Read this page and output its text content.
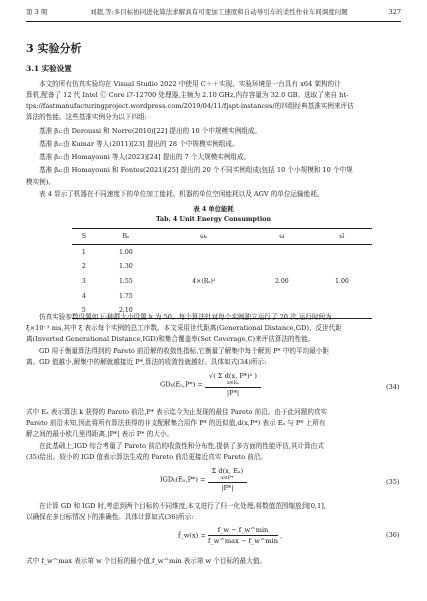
第 3 期	刘超,等:多目标协同进化算法求解具有可变加工速度和自动导引车的柔性作业车间调度问题	327
3 实验分析
3.1 实验设置
本文的所有仿真实验均在 Visual Studio 2022 中使用 C＋＋实现。实验环境是一台具有 x64 架构的计
算机,配备了 12 代 Intel Ⓒ Core i7-12700 处理器,主频为 2.10 GHz,内存容量为 32.0 GB。选取了来自 ht-
tps://fastmanufacturingproject.wordpress.com/2019/04/11/fjspt-instances/的四组经典基准实例来评估
算法的性能。这些基准实例分为以下四组:
基准 β₁:由 Deroussi 和 Norre(2010)[22] 提出的 10 个中规模实例组成。
基准 β₂:由 Kumar 等人(2011)[23] 提出的 28 个中规模实例组成。
基准 β₃:由 Homayouni 等人(2023)[24] 提出的 7 个大规模实例组成。
基准 β₄:由 Homayouni 和 Fontes(2021)[25] 提出的 20 个不同实例组成(包括 10 个小规模和 10 个中规
模实例)。
表 4 显示了机器在不同速度下的单位加工能耗、机器的单位空闲能耗以及 AGV 的单位运输能耗。
表 4 单位能耗
Tab. 4 Unit Energy Consumption
S	Rₛ	ωₛ	ω	ω̄
1	1.00			
2	1.30			
3	1.55	4×(Rₛ)²	2.00	1.00
4	1.75			
5	2.10			
仿真实验参数设置如下:种群大小设置 k 为 50。每个算法针对每个实例独立运行了 20 次,运行时间为
ξ×10⁻³ ms,其中 ξ 表示每个实例的总工序数。本文采用世代距离(Generational Distance,GD)、反世代距
离(Inverted Generational Distance,IGD)和集合覆盖率(Set Coverage,C)来评估算法的性能。
GD 用于衡量算法得到的 Pareto 前沿解的收敛性指标,它衡量了解集中每个解到 P* 中的平均最小距
离。GD 值越小,解集中的解就越接近 P*,算法的收敛性就越好。具体如式(34)所示:
GDₖ(Eₐ,P*) = √( Σ d(x, P*)² )
x∈Eₐ
|P*|	(34)
式中 Eₐ 表示算法 k 获得的 Pareto 前沿,P* 表示迄今为止发现的最佳 Pareto 前沿。由于此问题的真实
Pareto 前沿未知,因此将所有算法获得的非支配解集合用作 P* 的近似值,d(x,P*) 表示 Eₐ 与 P* 上所有
解之间的最小欧几里得距离,|P*| 表示 P* 的大小。
在此基础上,IGD 综合考量了 Pareto 前沿的收敛性和分布性,提供了多方面的性能评估,其计算由式
(35)给出。较小的 IGD 值表示算法生成的 Pareto 前沿更接近真实 Pareto 前沿。
IGDₖ(Eₐ,P*) = Σ d(x, Eₐ)
x∈P*
|P*|	(35)
在计算 GD 和 IGD 时,考虑到两个目标的不同维度,本文进行了归一化处理,将数值范围缩放到[0,1],
以确保在多目标情况下的准确性。具体计算如式(36)所示:
f̄_w(x) = $\frac{f\_w - f\_w\^{}\min}{f\_w\^{}\max - f\_w\^{}\min}$ ,	(36)
式中 f_w^max 表示第 w 个目标的最小值,f_w^min 表示第 w 个目标的最大值。
